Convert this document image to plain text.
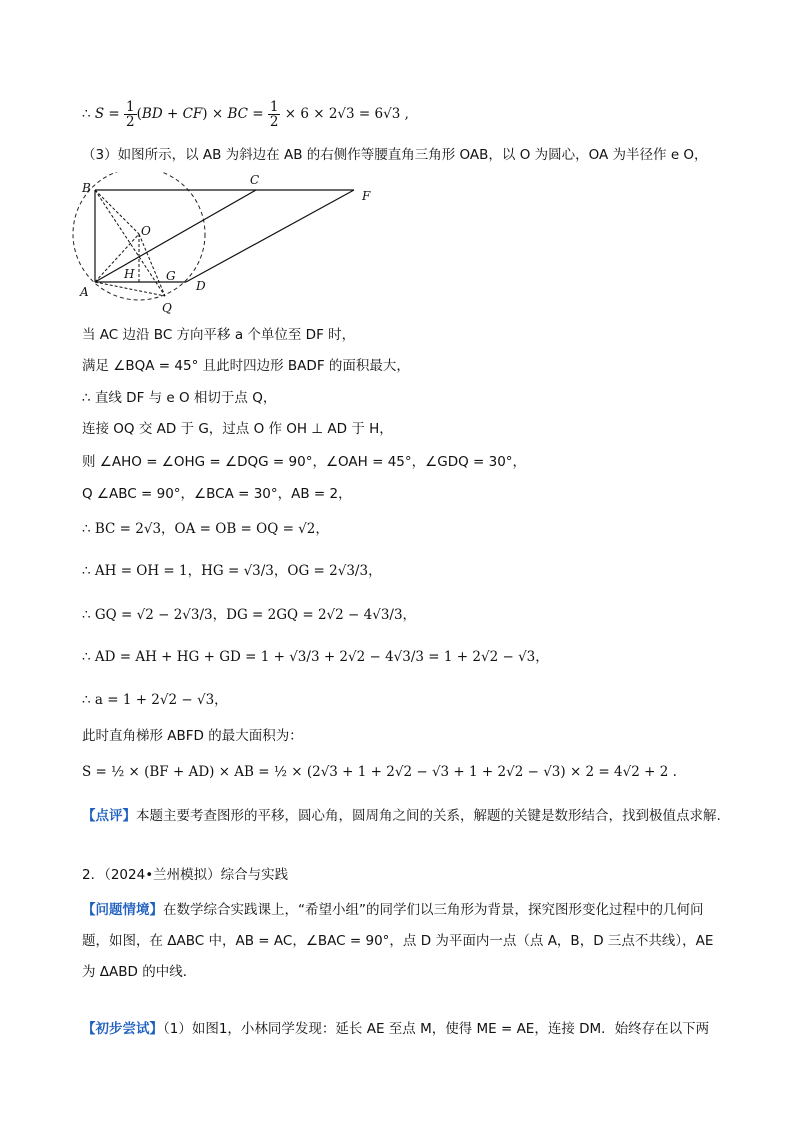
∴ $S = \frac{1}{2} (BD + CF)$ × BC = $\frac{1}{2} \times 6 \times 2√3 = 6√3$ ,
（3）如图所示，以 AB 为斜边在 AB 的右侧作等腰直角三角形 OAB，以 O 为圆心，OA 为半径作 e O，
B
C
F
O
H	G
A	D
Q
当 AC 边沿 BC 方向平移 a 个单位至 DF 时，
满足 ∠BQA = 45° 且此时四边形 BADF 的面积最大，
∴ 直线 DF 与 e O 相切于点 Q，
连接 OQ 交 AD 于 G，过点 O 作 OH ⊥ AD 于 H，
则 ∠AHO = ∠OHG = ∠DQG = 90°，∠OAH = 45°，∠GDQ = 30°，
Q ∠ABC = 90°，∠BCA = 30°，AB = 2，
∴ BC = 2√3，OA = OB = OQ = √2，
∴ AH = OH = 1，HG = √3/3，OG = 2√3/3，
∴ GQ = √2 − 2√3/3，DG = 2GQ = 2√2 − 4√3/3，
∴ AD = AH + HG + GD = 1 + √3/3 + 2√2 − 4√3/3 = 1 + 2√2 − √3，
∴ a = 1 + 2√2 − √3，
此时直角梯形 ABFD 的最大面积为：
S = ½ × (BF + AD) × AB = ½ × (2√3 + 1 + 2√2 − √3 + 1 + 2√2 − √3) × 2 = 4√2 + 2 .
【点评】本题主要考查图形的平移，圆心角，圆周角之间的关系，解题的关键是数形结合，找到极值点求解.
2．（2024•兰州模拟）综合与实践
【问题情境】在数学综合实践课上，“希望小组”的同学们以三角形为背景，探究图形变化过程中的几何问题，如图，在 ΔABC 中，AB = AC，∠BAC = 90°，点 D 为平面内一点（点 A，B，D 三点不共线），AE 为 ΔABD 的中线．
【初步尝试】（1）如图1，小林同学发现：延长 AE 至点 M，使得 ME = AE，连接 DM．始终存在以下两
